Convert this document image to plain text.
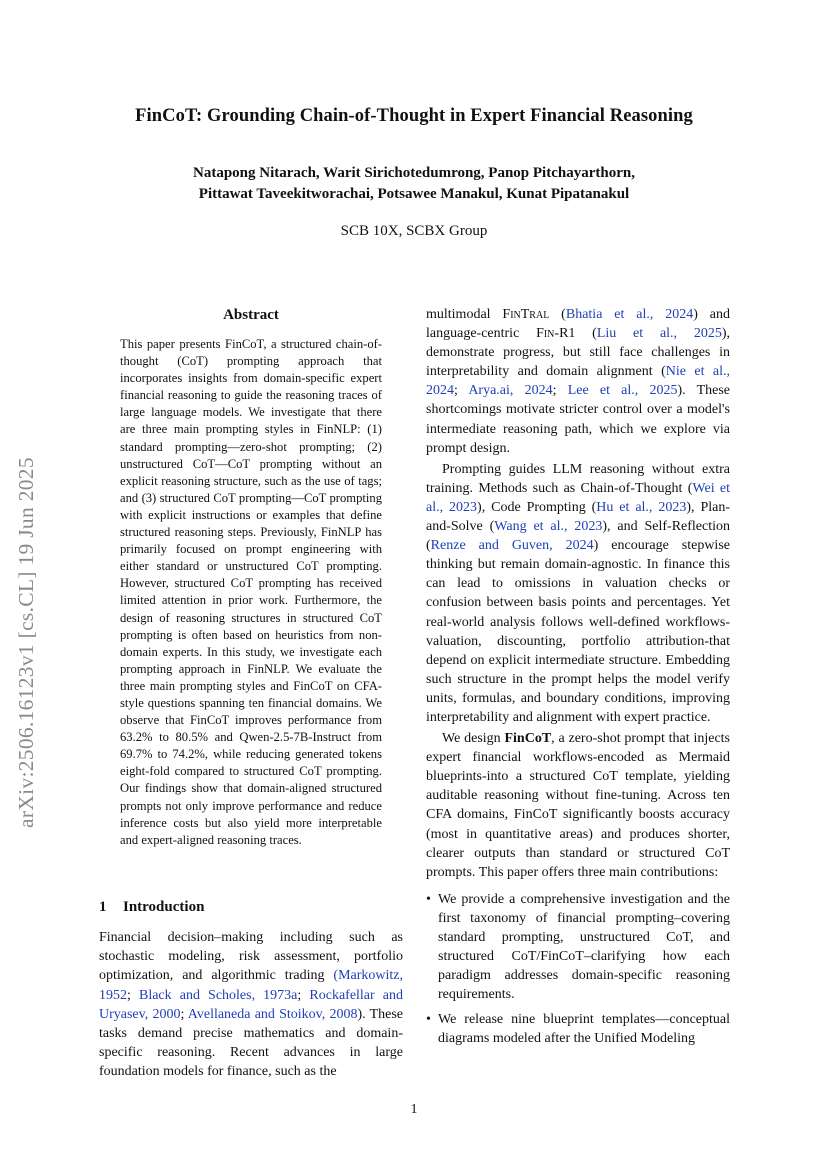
FinCoT: Grounding Chain-of-Thought in Expert Financial Reasoning
Natapong Nitarach, Warit Sirichotedumrong, Panop Pitchayarthorn,
Pittawat Taveekitworachai, Potsawee Manakul, Kunat Pipatanakul
SCB 10X, SCBX Group
arXiv:2506.16123v1 [cs.CL] 19 Jun 2025
Abstract
This paper presents FinCoT, a structured chain-of-thought (CoT) prompting approach that incorporates insights from domain-specific expert financial reasoning to guide the reasoning traces of large language models. We investigate that there are three main prompting styles in FinNLP: (1) standard prompting—zero-shot prompting; (2) unstructured CoT—CoT prompting without an explicit reasoning structure, such as the use of tags; and (3) structured CoT prompting—CoT prompting with explicit instructions or examples that define structured reasoning steps. Previously, FinNLP has primarily focused on prompt engineering with either standard or unstructured CoT prompting. However, structured CoT prompting has received limited attention in prior work. Furthermore, the design of reasoning structures in structured CoT prompting is often based on heuristics from non-domain experts. In this study, we investigate each prompting approach in FinNLP. We evaluate the three main prompting styles and FinCoT on CFA-style questions spanning ten financial domains. We observe that FinCoT improves performance from 63.2% to 80.5% and Qwen-2.5-7B-Instruct from 69.7% to 74.2%, while reducing generated tokens eight-fold compared to structured CoT prompting. Our findings show that domain-aligned structured prompts not only improve performance and reduce inference costs but also yield more interpretable and expert-aligned reasoning traces.
1 Introduction
Financial decision–making including such as stochastic modeling, risk assessment, portfolio optimization, and algorithmic trading (Markowitz, 1952; Black and Scholes, 1973a; Rockafellar and Uryasev, 2000; Avellaneda and Stoikov, 2008). These tasks demand precise mathematics and domain-specific reasoning. Recent advances in large foundation models for finance, such as the

multimodal FinTral (Bhatia et al., 2024) and language-centric Fin-R1 (Liu et al., 2025), demonstrate progress, but still face challenges in interpretability and domain alignment (Nie et al., 2024; Arya.ai, 2024; Lee et al., 2025). These shortcomings motivate stricter control over a model's intermediate reasoning path, which we explore via prompt design.

Prompting guides LLM reasoning without extra training. Methods such as Chain-of-Thought (Wei et al., 2023), Code Prompting (Hu et al., 2023), Plan-and-Solve (Wang et al., 2023), and Self-Reflection (Renze and Guven, 2024) encourage stepwise thinking but remain domain-agnostic. In finance this can lead to omissions in valuation checks or confusion between basis points and percentages. Yet real-world analysis follows well-defined workflows-valuation, discounting, portfolio attribution-that depend on explicit intermediate structure. Embedding such structure in the prompt helps the model verify units, formulas, and boundary conditions, improving interpretability and alignment with expert practice.

We design FinCoT, a zero-shot prompt that injects expert financial workflows-encoded as Mermaid blueprints-into a structured CoT template, yielding auditable reasoning without fine-tuning. Across ten CFA domains, FinCoT significantly boosts accuracy (most in quantitative areas) and produces shorter, clearer outputs than standard or structured CoT prompts. This paper offers three main contributions:

• We provide a comprehensive investigation and the first taxonomy of financial prompting–covering standard prompting, unstructured CoT, and structured CoT/FinCoT–clarifying how each paradigm addresses domain-specific reasoning requirements.
• We release nine blueprint templates—conceptual diagrams modeled after the Unified Modeling
1
